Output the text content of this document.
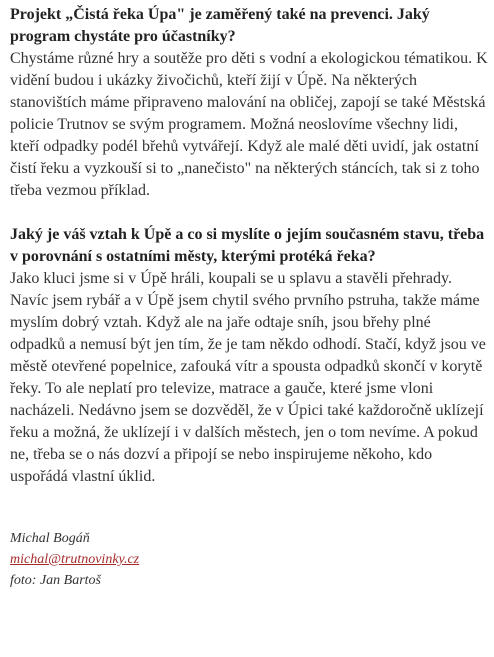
Projekt „Čistá řeka Úpa" je zaměřený také na prevenci. Jaký program chystáte pro účastníky?
Chystáme různé hry a soutěže pro děti s vodní a ekologickou tématikou. K vidění budou i ukázky živočichů, kteří žijí v Úpě. Na některých stanovištích máme připraveno malování na obličej, zapojí se také Městská policie Trutnov se svým programem. Možná neoslovíme všechny lidi, kteří odpadky podél břehů vytvářejí. Když ale malé děti uvidí, jak ostatní čistí řeku a vyzkouší si to „nanečisto" na některých stáncích, tak si z toho třeba vezmou příklad.

Jaký je váš vztah k Úpě a co si myslíte o jejím současném stavu, třeba v porovnání s ostatními městy, kterými protéká řeka?
Jako kluci jsme si v Úpě hráli, koupali se u splavu a stavěli přehrady. Navíc jsem rybář a v Úpě jsem chytil svého prvního pstruha, takže máme myslím dobrý vztah. Když ale na jaře odtaje sníh, jsou břehy plné odpadků a nemusí být jen tím, že je tam někdo odhodí. Stačí, když jsou ve městě otevřené popelnice, zafouká vítr a spousta odpadků skončí v korytě řeky. To ale neplatí pro televize, matrace a gauče, které jsme vloni nacházeli. Nedávno jsem se dozvěděl, že v Úpici také každoročně uklízejí řeku a možná, že uklízejí i v dalších městech, jen o tom nevíme. A pokud ne, třeba se o nás dozví a připojí se nebo inspirujeme někoho, kdo uspořádá vlastní úklid.

Michal Bogáň
michal@trutnovinky.cz
foto: Jan Bartoš
